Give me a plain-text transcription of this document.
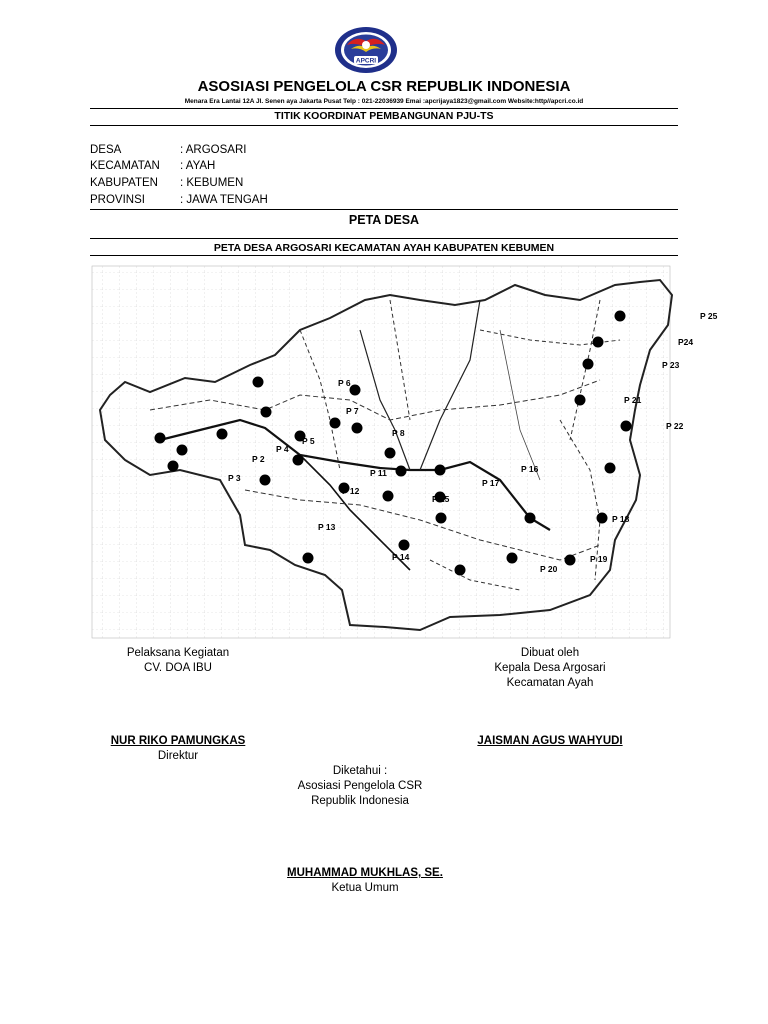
APCRI
ASOSIASI PENGELOLA CSR REPUBLIK INDONESIA
Menara Era Lantai 12A Jl. Senen aya Jakarta Pusat Telp : 021-22036939 Emai :apcrijaya1823@gmail.com Website:http//apcri.co.id
TITIK KOORDINAT PEMBANGUNAN PJU-TS
DESA	: ARGOSARI
KECAMATAN : AYAH
KABUPATEN : KEBUMEN
PROVINSI	: JAWA TENGAH
PETA DESA
PETA DESA ARGOSARI KECAMATAN AYAH KABUPATEN KEBUMEN
P 2
P 3
P 4
P 5
P 6
P 7
P 8
P 11
P 12
P 13
P 14
P 15
P 16
P 17
P 18
P 19
P 20
P 21
P 22
P 23
P24
P 25
Pelaksana Kegiatan
CV. DOA IBU
Dibuat oleh
Kepala Desa Argosari
Kecamatan Ayah
NUR RIKO PAMUNGKAS
Direktur
JAISMAN AGUS WAHYUDI
Diketahui :
Asosiasi Pengelola CSR
Republik Indonesia
MUHAMMAD MUKHLAS, SE.
Ketua Umum
